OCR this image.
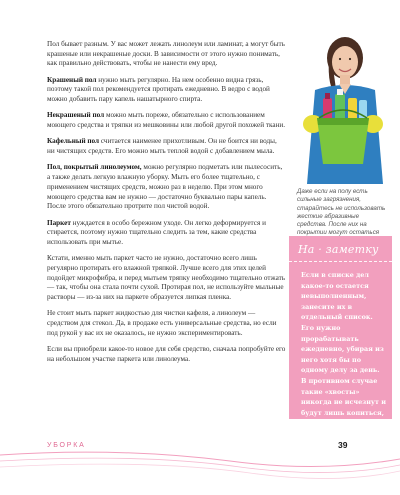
Пол бывает разным. У вас может лежать линолеум или ламинат, а могут быть крашеные или некрашеные доски. В зависимости от этого нужно понимать, как правильно действовать, чтобы не нанести ему вред.

Крашеный пол нужно мыть регулярно. На нем особенно видна грязь, поэтому такой пол рекомендуется протирать ежедневно. В ведро с водой можно добавить пару капель нашатырного спирта.

Некрашеный пол можно мыть пореже, обязательно с использованием моющего средства и тряпки из мешковины или любой другой похожей ткани.

Кафельный пол считается наименее прихотливым. Он не боится ни воды, ни чистящих средств. Его можно мыть теплой водой с добавлением мыла.

Пол, покрытый линолеумом, можно регулярно подметать или пылесосить, а также делать легкую влажную уборку. Мыть его более тщательно, с применением чистящих средств, можно раз в неделю. При этом много моющего средства вам не нужно — достаточно буквально пары капель. После этого обязательно протрите пол чистой водой.

Паркет нуждается в особо бережном уходе. Он легко деформируется и стирается, поэтому нужно тщательно следить за тем, какие средства использовать при мытье.

Кстати, именно мыть паркет часто не нужно, достаточно всего лишь регулярно протирать его влажной тряпкой. Лучше всего для этих целей подойдет микрофибра, и перед мытьем тряпку необходимо тщательно отжать — так, чтобы она стала почти сухой. Протирая пол, не используйте мыльные растворы — из-за них на паркете образуется липкая пленка.

Не стоит мыть паркет жидкостью для чистки кафеля, а линолеум — средством для стекол. Да, в продаже есть универсальные средства, но если под рукой у вас их не оказалось, не нужно экспериментировать.

Если вы приобрели какое-то новое для себя средство, сначала попробуйте его на небольшом участке паркета или линолеума.

Даже если на полу есть сильные загрязнения, старайтесь не использовать жесткие абразивные средства. После них на покрытии могут остаться
На · заметку
Если в списке дел какое-то остается невыполненным, занесите их в отдельный список. Его нужно прорабатывать ежедневно, убирая из него хотя бы по одному делу за день. В противном случае такие «хвосты» никогда не исчезнут и будут лишь копиться, как снежный ком.
УБОРКА	39
